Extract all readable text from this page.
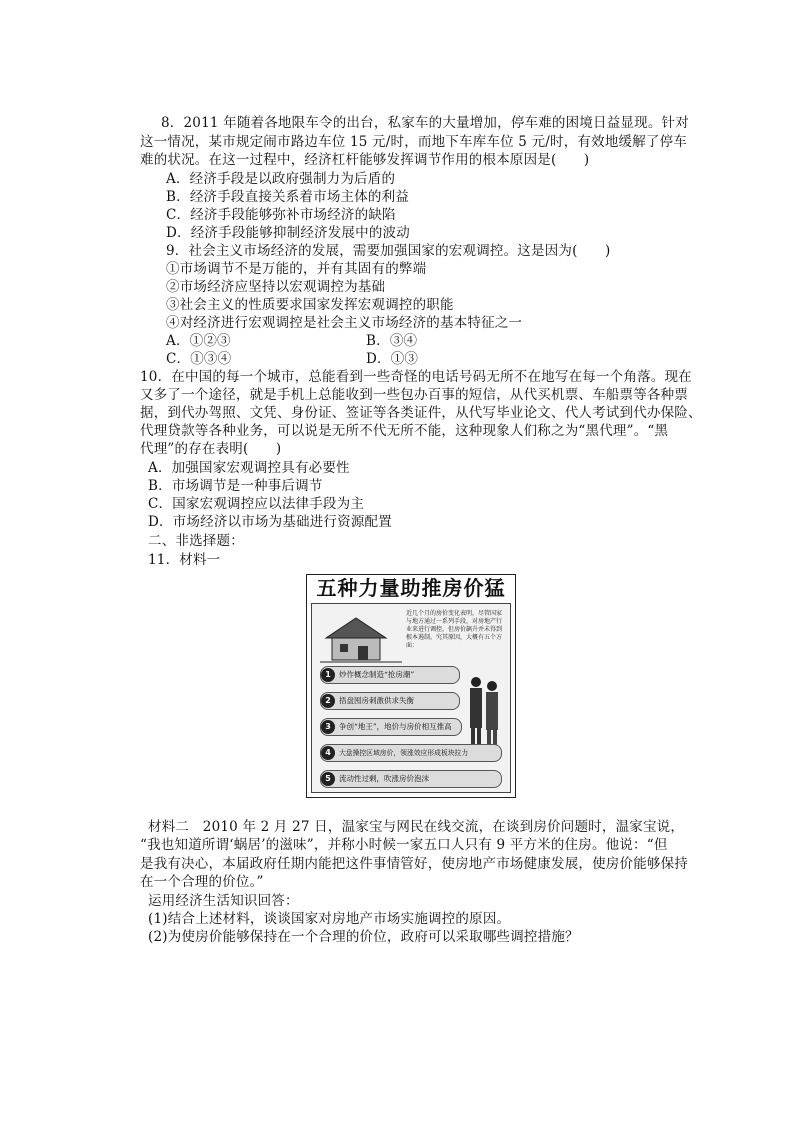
8．2011 年随着各地限车令的出台，私家车的大量增加，停车难的困境日益显现。针对
这一情况，某市规定闹市路边车位 15 元/时，而地下车库车位 5 元/时，有效地缓解了停车
难的状况。在这一过程中，经济杠杆能够发挥调节作用的根本原因是(　　)
A．经济手段是以政府强制力为后盾的
B．经济手段直接关系着市场主体的利益
C．经济手段能够弥补市场经济的缺陷
D．经济手段能够抑制经济发展中的波动
9．社会主义市场经济的发展，需要加强国家的宏观调控。这是因为(　　)
①市场调节不是万能的，并有其固有的弊端
②市场经济应坚持以宏观调控为基础
③社会主义的性质要求国家发挥宏观调控的职能
④对经济进行宏观调控是社会主义市场经济的基本特征之一
A．①②③	B．③④
C．①③④	D．①③
10．在中国的每一个城市，总能看到一些奇怪的电话号码无所不在地写在每一个角落。现在
又多了一个途径，就是手机上总能收到一些包办百事的短信，从代买机票、车船票等各种票
据，到代办驾照、文凭、身份证、签证等各类证件，从代写毕业论文、代人考试到代办保险、
代理贷款等各种业务，可以说是无所不代无所不能，这种现象人们称之为“黑代理”。“黑
代理”的存在表明(　　)
A．加强国家宏观调控具有必要性
B．市场调节是一种事后调节
C．国家宏观调控应以法律手段为主
D．市场经济以市场为基础进行资源配置
二、非选择题：
11．材料一
五种力量助推房价猛
近几个月的房价变化表明，尽管国家与地方通过一系列手段，对房地产行业来进行调控，但房价飙升并未得到根本遏制。究其原因，大概有五个方面：
1 炒作概念制造“抢房潮”
2 捂盘囤房刺激供求失衡
3 争创“地王”，地价与房价相互推高
4 大盘操控区域房价，领涨效应形成板块拉力
5 流动性过剩，吹涨房价泡沫
材料二　2010 年 2 月 27 日，温家宝与网民在线交流，在谈到房价问题时，温家宝说，
“我也知道所谓‘蜗居’的滋味”，并称小时候一家五口人只有 9 平方米的住房。他说：“但
是我有决心，本届政府任期内能把这件事情管好，使房地产市场健康发展，使房价能够保持
在一个合理的价位。”
运用经济生活知识回答：
(1)结合上述材料，谈谈国家对房地产市场实施调控的原因。
(2)为使房价能够保持在一个合理的价位，政府可以采取哪些调控措施？
